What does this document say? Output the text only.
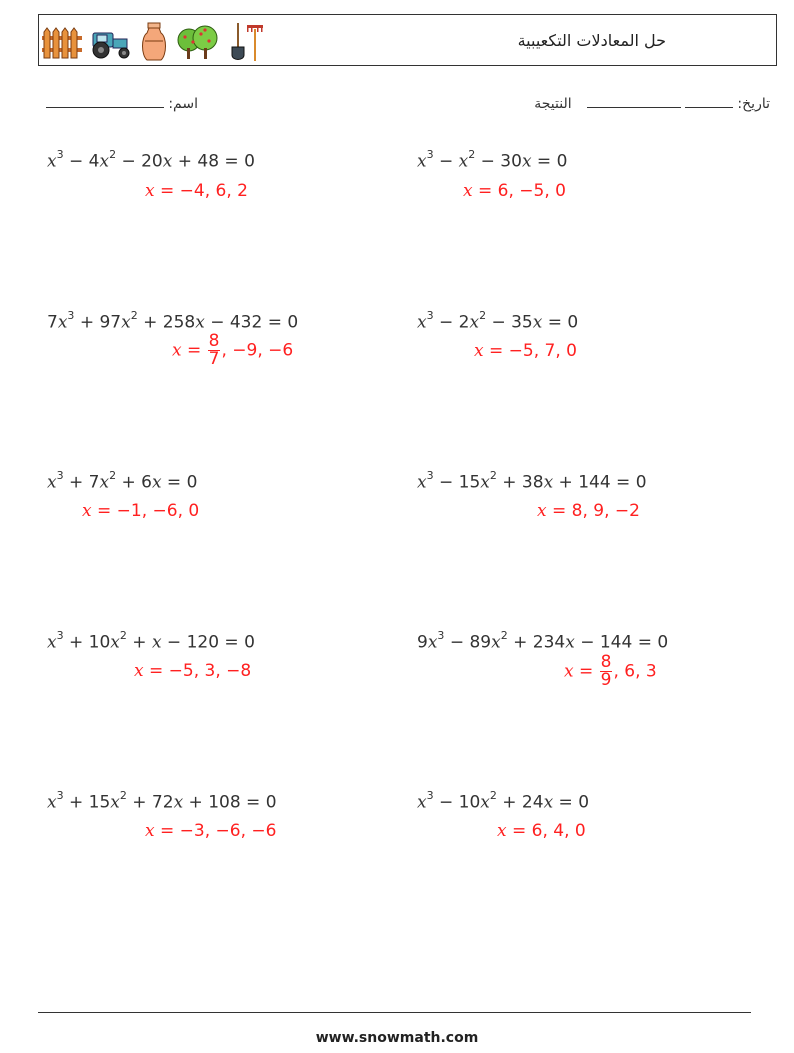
حل المعادلات التكعيبية
تاريخ:    النتيجة
اسم:
$x^3 - 4x^2 - 20x + 48 = 0$
x = −4, 6, 2
$x^3 - x^2 - 30x = 0$
x = 6, −5, 0
$7x^3 + 97x^2 + 258x - 432 = 0$
$x = \frac{8}{7}$ , −9, −6
$x^3 - 2x^2 - 35x = 0$
x = −5, 7, 0
$x^3 + 7x^2 + 6x = 0$
x = −1, −6, 0
$x^3 - 15x^2 + 38x + 144 = 0$
x = 8, 9, −2
$x^3 + 10x^2 + x - 120 = 0$
x = −5, 3, −8
$9x^3 - 89x^2 + 234x - 144 = 0$
$x = \frac{8}{9}$ , 6, 3
$x^3 + 15x^2 + 72x + 108 = 0$
x = −3, −6, −6
$x^3 - 10x^2 + 24x = 0$
x = 6, 4, 0
www.snowmath.com
